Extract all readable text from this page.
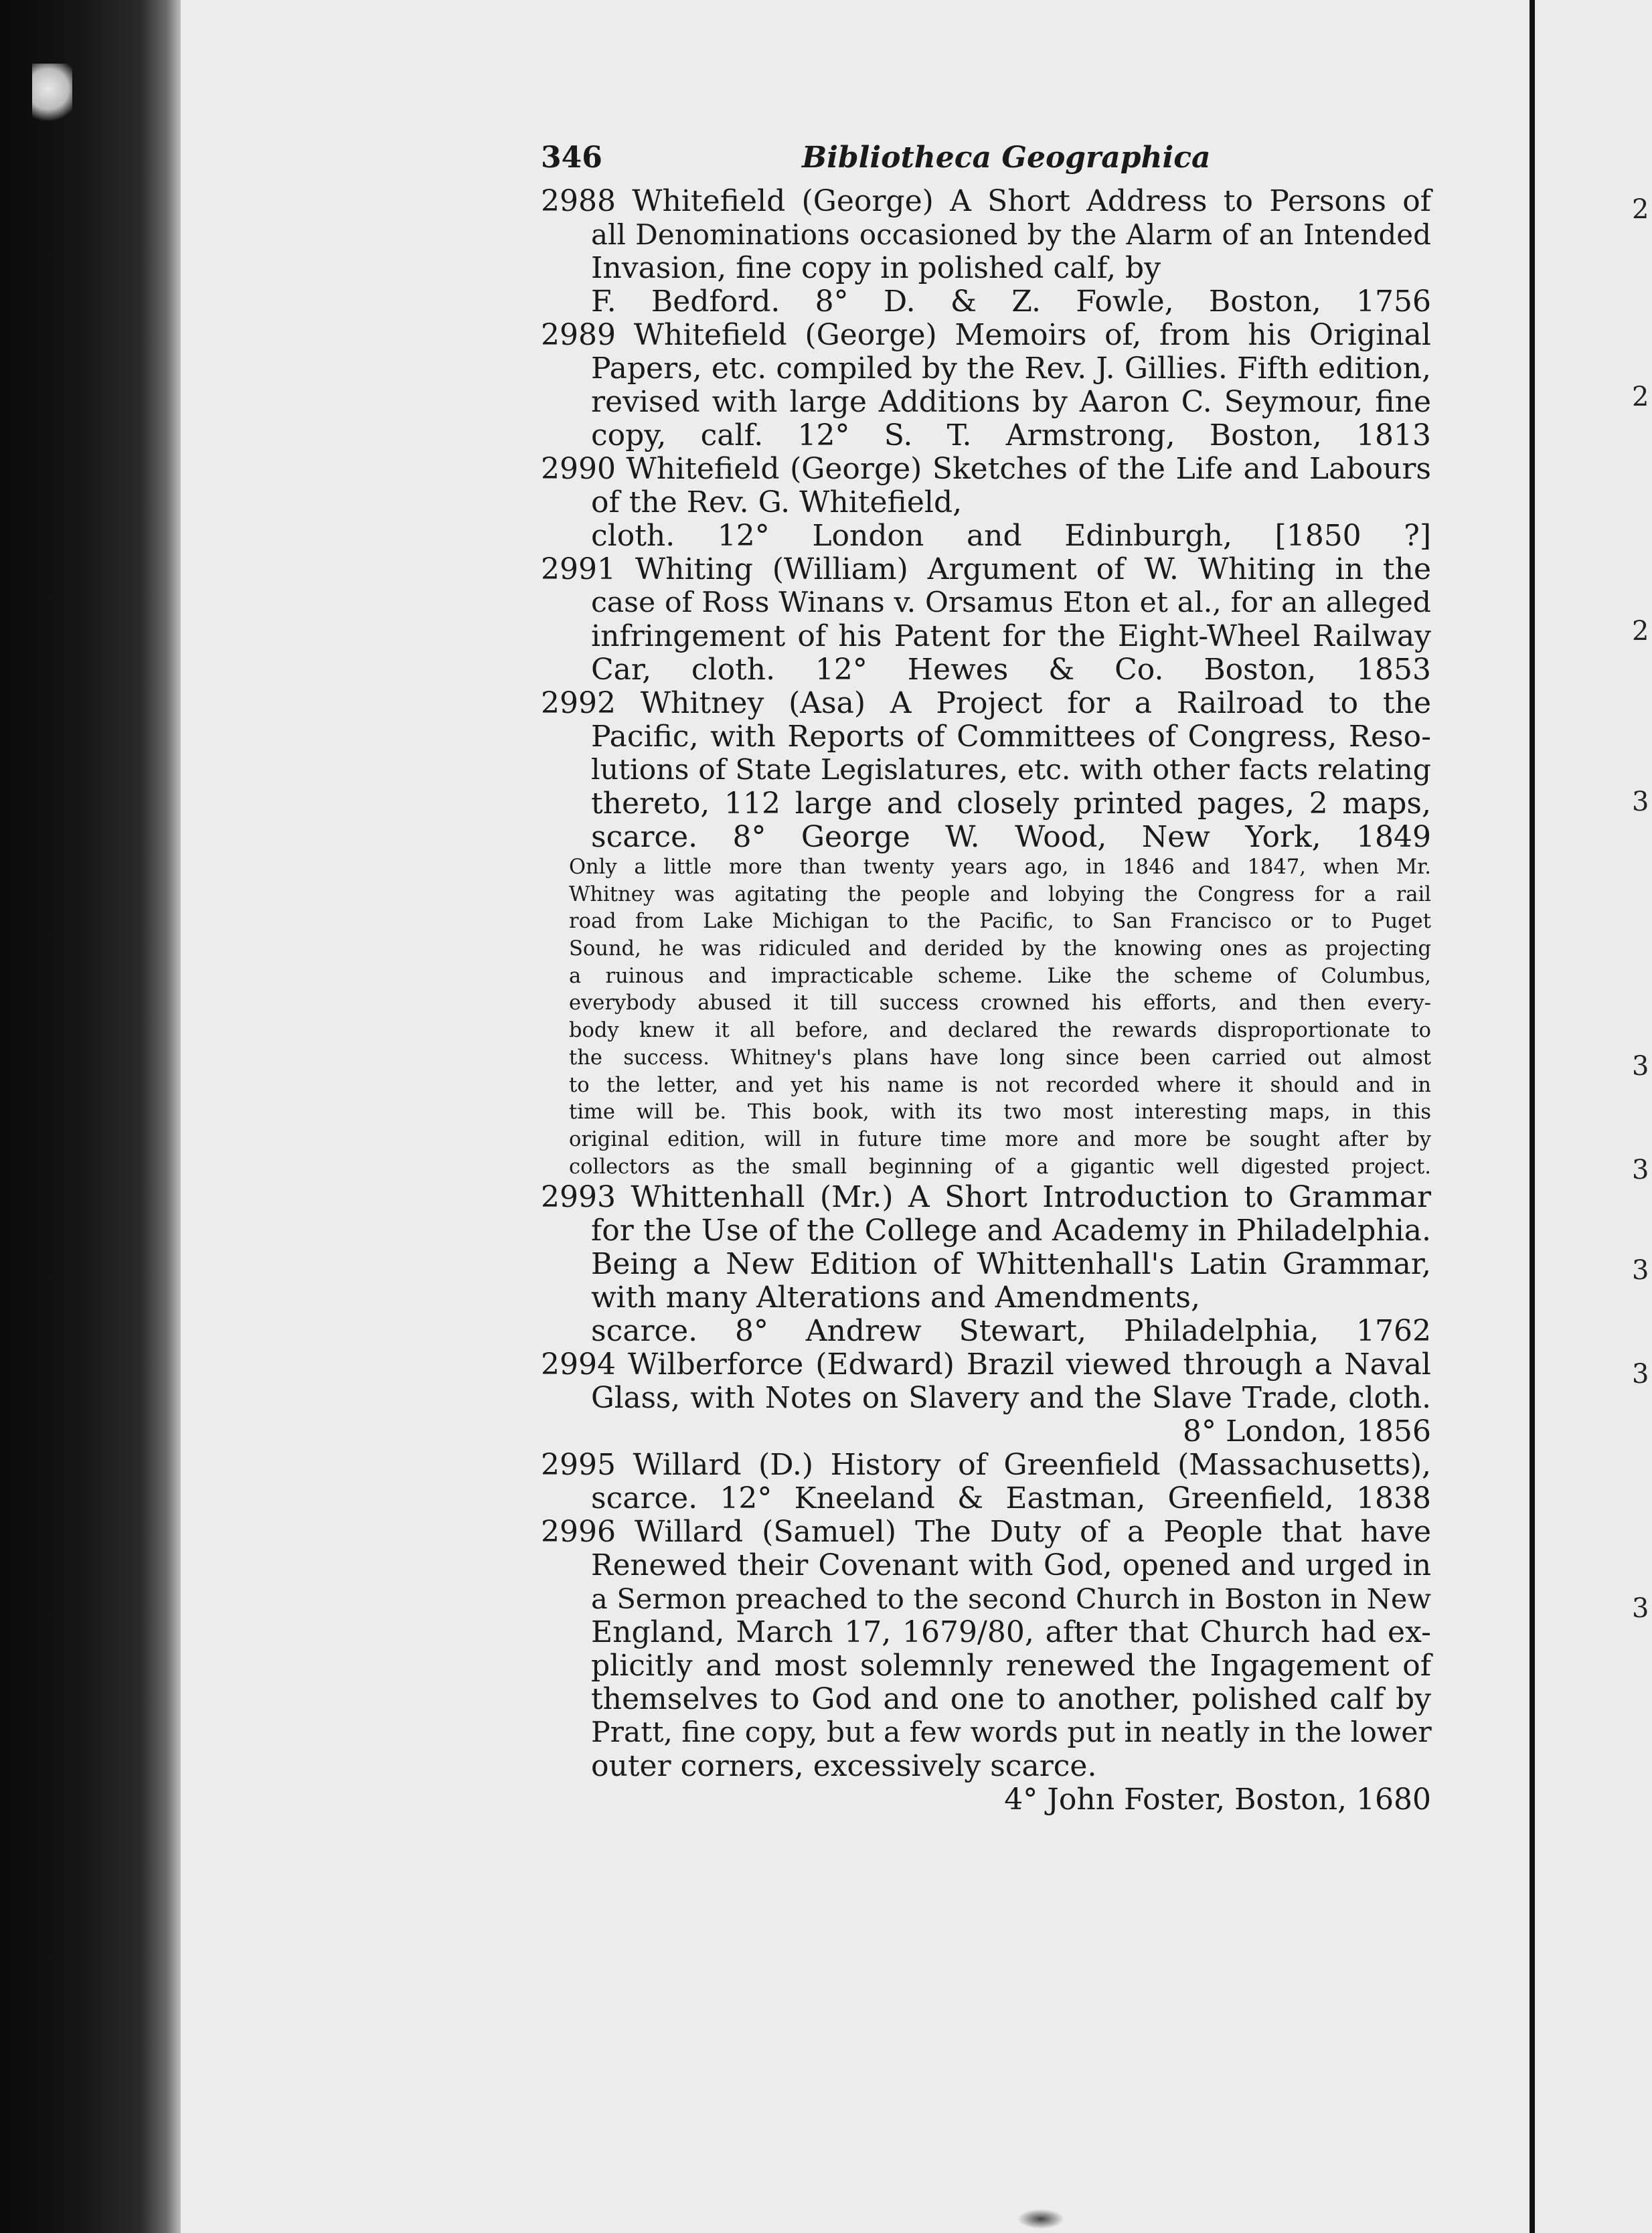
2
2
2
3
3
3
3
3
3
346	Bibliotheca Geographica
2988 Whitefield (George) A Short Address to Persons of
all Denominations occasioned by the Alarm of an Intended
Invasion, fine copy in polished calf, by
F. Bedford. 8° D. & Z. Fowle, Boston, 1756
2989 Whitefield (George) Memoirs of, from his Original
Papers, etc. compiled by the Rev. J. Gillies. Fifth edition,
revised with large Additions by Aaron C. Seymour, fine
copy, calf. 12° S. T. Armstrong, Boston, 1813
2990 Whitefield (George) Sketches of the Life and Labours
of the Rev. G. Whitefield,
cloth. 12° London and Edinburgh, [1850 ?]
2991 Whiting (William) Argument of W. Whiting in the
case of Ross Winans v. Orsamus Eton et al., for an alleged
infringement of his Patent for the Eight-Wheel Railway
Car, cloth. 12° Hewes & Co. Boston, 1853
2992 Whitney (Asa) A Project for a Railroad to the
Pacific, with Reports of Committees of Congress, Reso-
lutions of State Legislatures, etc. with other facts relating
thereto, 112 large and closely printed pages, 2 maps,
scarce. 8° George W. Wood, New York, 1849
Only a little more than twenty years ago, in 1846 and 1847, when Mr.
Whitney was agitating the people and lobying the Congress for a rail
road from Lake Michigan to the Pacific, to San Francisco or to Puget
Sound, he was ridiculed and derided by the knowing ones as projecting
a ruinous and impracticable scheme. Like the scheme of Columbus,
everybody abused it till success crowned his efforts, and then every-
body knew it all before, and declared the rewards disproportionate to
the success. Whitney's plans have long since been carried out almost
to the letter, and yet his name is not recorded where it should and in
time will be. This book, with its two most interesting maps, in this
original edition, will in future time more and more be sought after by
collectors as the small beginning of a gigantic well digested project.
2993 Whittenhall (Mr.) A Short Introduction to Grammar
for the Use of the College and Academy in Philadelphia.
Being a New Edition of Whittenhall's Latin Grammar,
with many Alterations and Amendments,
scarce. 8° Andrew Stewart, Philadelphia, 1762
2994 Wilberforce (Edward) Brazil viewed through a Naval
Glass, with Notes on Slavery and the Slave Trade, cloth.
8° London, 1856
2995 Willard (D.) History of Greenfield (Massachusetts),
scarce. 12° Kneeland & Eastman, Greenfield, 1838
2996 Willard (Samuel) The Duty of a People that have
Renewed their Covenant with God, opened and urged in
a Sermon preached to the second Church in Boston in New
England, March 17, 1679/80, after that Church had ex-
plicitly and most solemnly renewed the Ingagement of
themselves to God and one to another, polished calf by
Pratt, fine copy, but a few words put in neatly in the lower
outer corners, excessively scarce.
4° John Foster, Boston, 1680
